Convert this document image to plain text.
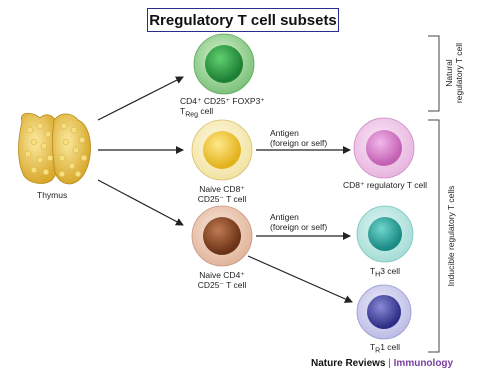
Rregulatory T cell subsets
Thymus
CD4⁺ CD25⁺ FOXP3⁺
$T_{Reg}$ cell
Naive CD8⁺
CD25⁻ T cell
Naive CD4⁺
CD25⁻ T cell
Antigen
(foreign or self)
Antigen
(foreign or self)
CD8⁺ regulatory T cell
$T_H3$ cell
$T_R1$ cell
Natural regulatory T cell
Inducible regulatory T cells
Nature Reviews | Immunology
